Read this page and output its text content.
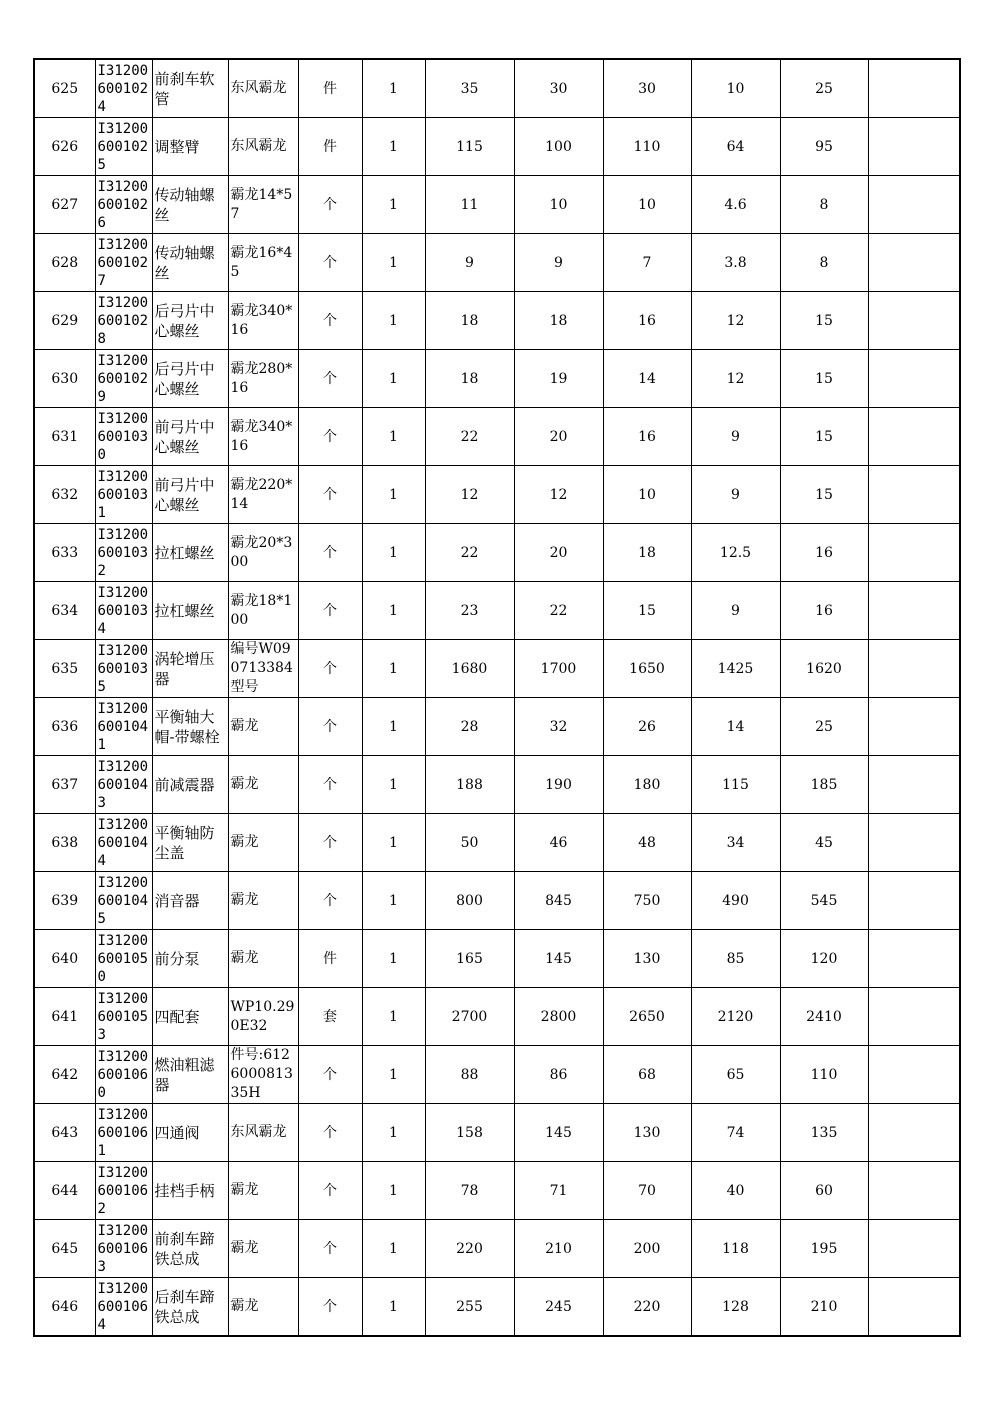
625	I312006001024	前刹车软管	东风霸龙	件	1	35	30	30	10	25	
626	I312006001025	调整臂	东风霸龙	件	1	115	100	110	64	95	
627	I312006001026	传动轴螺丝	霸龙14*57	个	1	11	10	10	4.6	8	
628	I312006001027	传动轴螺丝	霸龙16*45	个	1	9	9	7	3.8	8	
629	I312006001028	后弓片中心螺丝	霸龙340*16	个	1	18	18	16	12	15	
630	I312006001029	后弓片中心螺丝	霸龙280*16	个	1	18	19	14	12	15	
631	I312006001030	前弓片中心螺丝	霸龙340*16	个	1	22	20	16	9	15	
632	I312006001031	前弓片中心螺丝	霸龙220*14	个	1	12	12	10	9	15	
633	I312006001032	拉杠螺丝	霸龙20*300	个	1	22	20	18	12.5	16	
634	I312006001034	拉杠螺丝	霸龙18*100	个	1	23	22	15	9	16	
635	I312006001035	涡轮增压器	编号W090713384型号	个	1	1680	1700	1650	1425	1620	
636	I312006001041	平衡轴大帽-带螺栓	霸龙	个	1	28	32	26	14	25	
637	I312006001043	前减震器	霸龙	个	1	188	190	180	115	185	
638	I312006001044	平衡轴防尘盖	霸龙	个	1	50	46	48	34	45	
639	I312006001045	消音器	霸龙	个	1	800	845	750	490	545	
640	I312006001050	前分泵	霸龙	件	1	165	145	130	85	120	
641	I312006001053	四配套	WP10.290E32	套	1	2700	2800	2650	2120	2410	
642	I312006001060	燃油粗滤器	件号:612600081335H	个	1	88	86	68	65	110	
643	I312006001061	四通阀	东风霸龙	个	1	158	145	130	74	135	
644	I312006001062	挂档手柄	霸龙	个	1	78	71	70	40	60	
645	I312006001063	前刹车蹄铁总成	霸龙	个	1	220	210	200	118	195	
646	I312006001064	后刹车蹄铁总成	霸龙	个	1	255	245	220	128	210	
